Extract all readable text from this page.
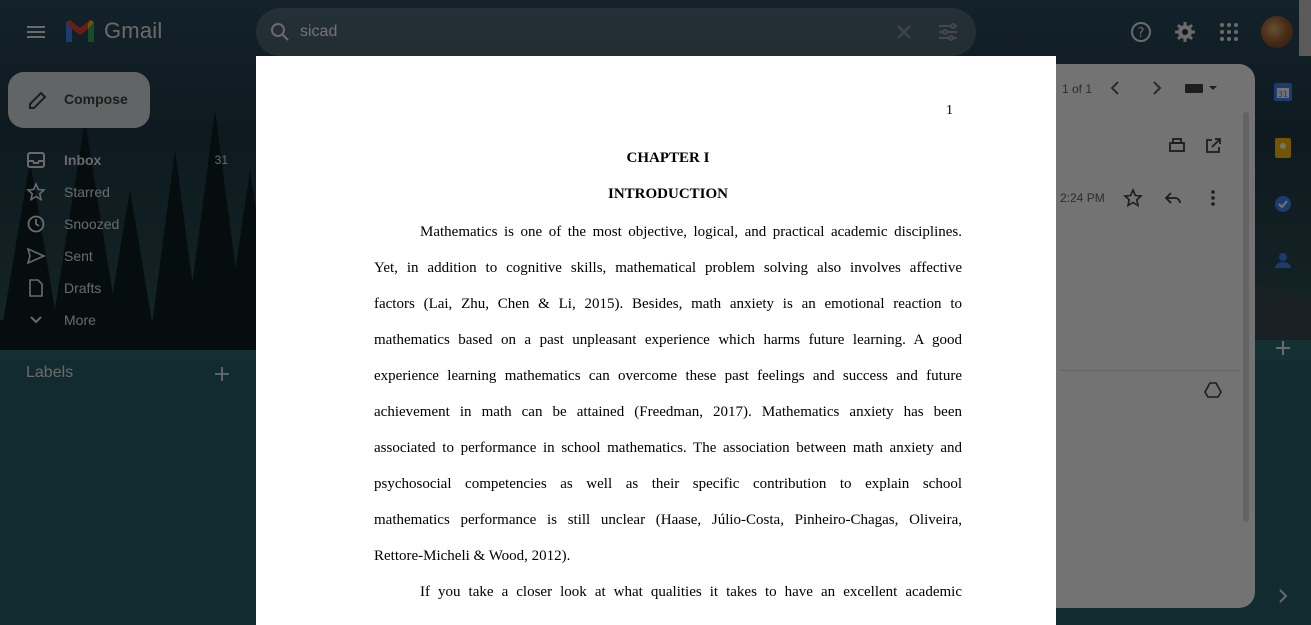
sicad
1
CHAPTER I
INTRODUCTION
Mathematics is one of the most objective, logical, and practical academic disciplines.
Yet, in addition to cognitive skills, mathematical problem solving also involves affective
factors (Lai, Zhu, Chen & Li, 2015). Besides, math anxiety is an emotional reaction to
mathematics based on a past unpleasant experience which harms future learning. A good
experience learning mathematics can overcome these past feelings and success and future
achievement in math can be attained (Freedman, 2017). Mathematics anxiety has been
associated to performance in school mathematics. The association between math anxiety and
psychosocial competencies as well as their specific contribution to explain school
mathematics performance is still unclear (Haase, Júlio-Costa, Pinheiro-Chagas, Oliveira,
Rettore-Micheli & Wood, 2012).
If you take a closer look at what qualities it takes to have an excellent academic
